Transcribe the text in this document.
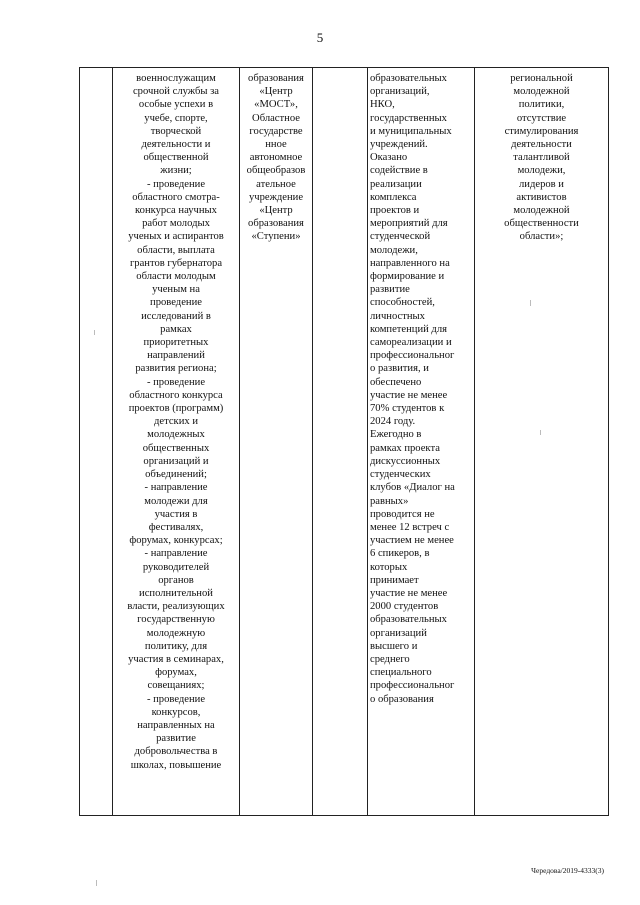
5
военнослужащим
срочной службы за
особые успехи в
учебе, спорте,
творческой
деятельности и
общественной
жизни;
- проведение
областного смотра-
конкурса научных
работ молодых
ученых и аспирантов
области, выплата
грантов губернатора
области молодым
ученым на
проведение
исследований в
рамках
приоритетных
направлений
развития региона;
- проведение
областного конкурса
проектов (программ)
детских и
молодежных
общественных
организаций и
объединений;
- направление
молодежи для
участия в
фестивалях,
форумах, конкурсах;
- направление
руководителей
органов
исполнительной
власти, реализующих
государственную
молодежную
политику, для
участия в семинарах,
форумах,
совещаниях;
- проведение
конкурсов,
направленных на
развитие
добровольчества в
школах, повышение
образования
«Центр
«МОСТ»,
Областное
государстве
нное
автономное
общеобразов
ательное
учреждение
«Центр
образования
«Ступени»
образовательных
организаций,
НКО,
государственных
и муниципальных
учреждений.
Оказано
содействие в
реализации
комплекса
проектов и
мероприятий для
студенческой
молодежи,
направленного на
формирование и
развитие
способностей,
личностных
компетенций для
самореализации и
профессиональног
о развития, и
обеспечено
участие не менее
70% студентов к
2024 году.
Ежегодно в
рамках проекта
дискуссионных
студенческих
клубов «Диалог на
равных»
проводится не
менее 12 встреч с
участием не менее
6 спикеров, в
которых
принимает
участие не менее
2000 студентов
образовательных
организаций
высшего и
среднего
специального
профессиональног
о образования
региональной
молодежной
политики,
отсутствие
стимулирования
деятельности
талантливой
молодежи,
лидеров и
активистов
молодежной
общественности
области»;
Чередова/2019-4333(3)
